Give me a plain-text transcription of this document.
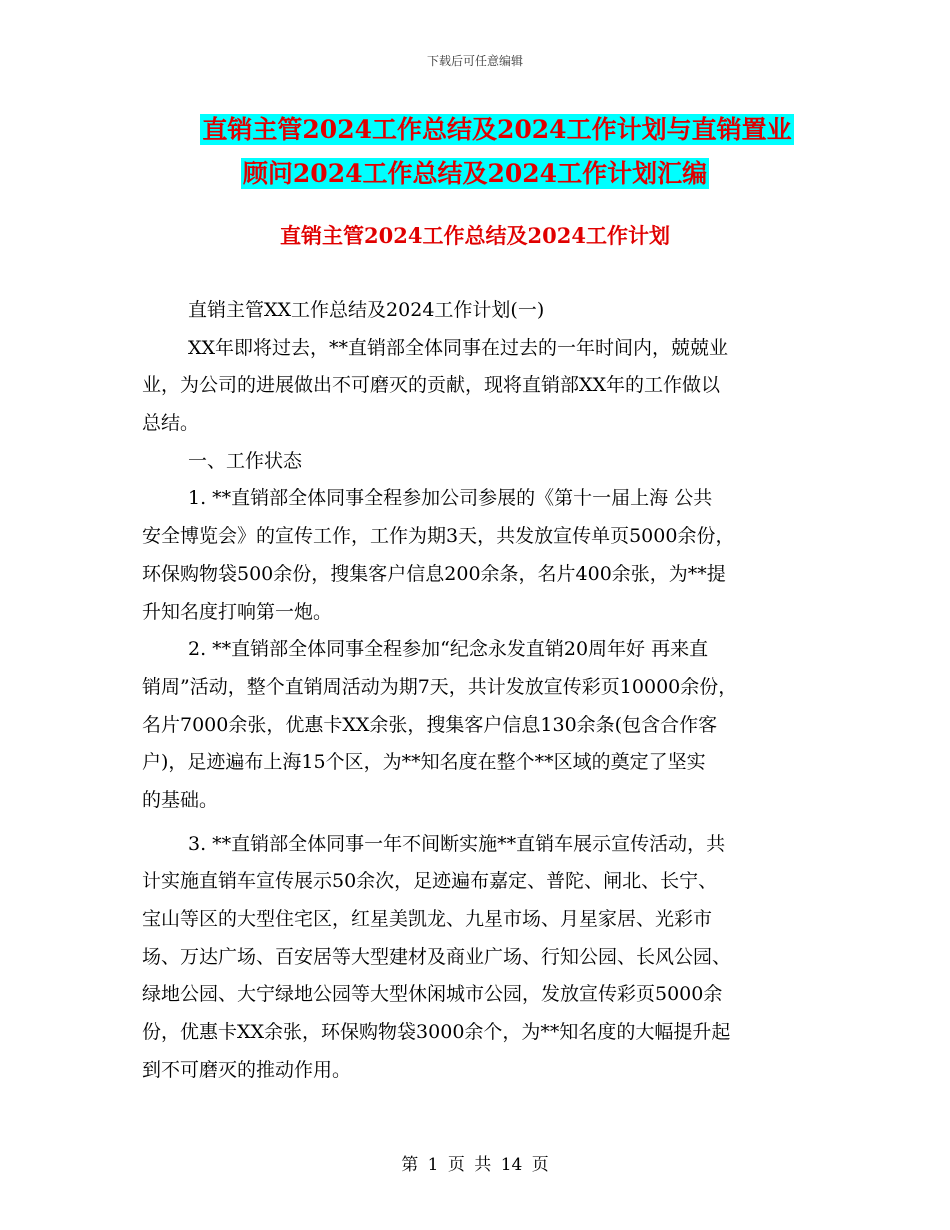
下载后可任意编辑
直销主管2024工作总结及2024工作计划与直销置业
顾问2024工作总结及2024工作计划汇编
直销主管2024工作总结及2024工作计划
直销主管XX工作总结及2024工作计划(一)
XX年即将过去，**直销部全体同事在过去的一年时间内，兢兢业
业，为公司的进展做出不可磨灭的贡献，现将直销部XX年的工作做以
总结。
一、工作状态
1. **直销部全体同事全程参加公司参展的《第十一届上海 公共
安全博览会》的宣传工作，工作为期3天，共发放宣传单页5000余份，
环保购物袋500余份，搜集客户信息200余条，名片400余张，为**提
升知名度打响第一炮。
2. **直销部全体同事全程参加“纪念永发直销20周年好 再来直
销周”活动，整个直销周活动为期7天，共计发放宣传彩页10000余份，
名片7000余张，优惠卡XX余张，搜集客户信息130余条(包含合作客
户)，足迹遍布上海15个区，为**知名度在整个**区域的奠定了坚实
的基础。
3. **直销部全体同事一年不间断实施**直销车展示宣传活动，共
计实施直销车宣传展示50余次，足迹遍布嘉定、普陀、闸北、长宁、
宝山等区的大型住宅区，红星美凯龙、九星市场、月星家居、光彩市
场、万达广场、百安居等大型建材及商业广场、行知公园、长风公园、
绿地公园、大宁绿地公园等大型休闲城市公园，发放宣传彩页5000余
份，优惠卡XX余张，环保购物袋3000余个，为**知名度的大幅提升起
到不可磨灭的推动作用。
第 1 页 共 14 页
